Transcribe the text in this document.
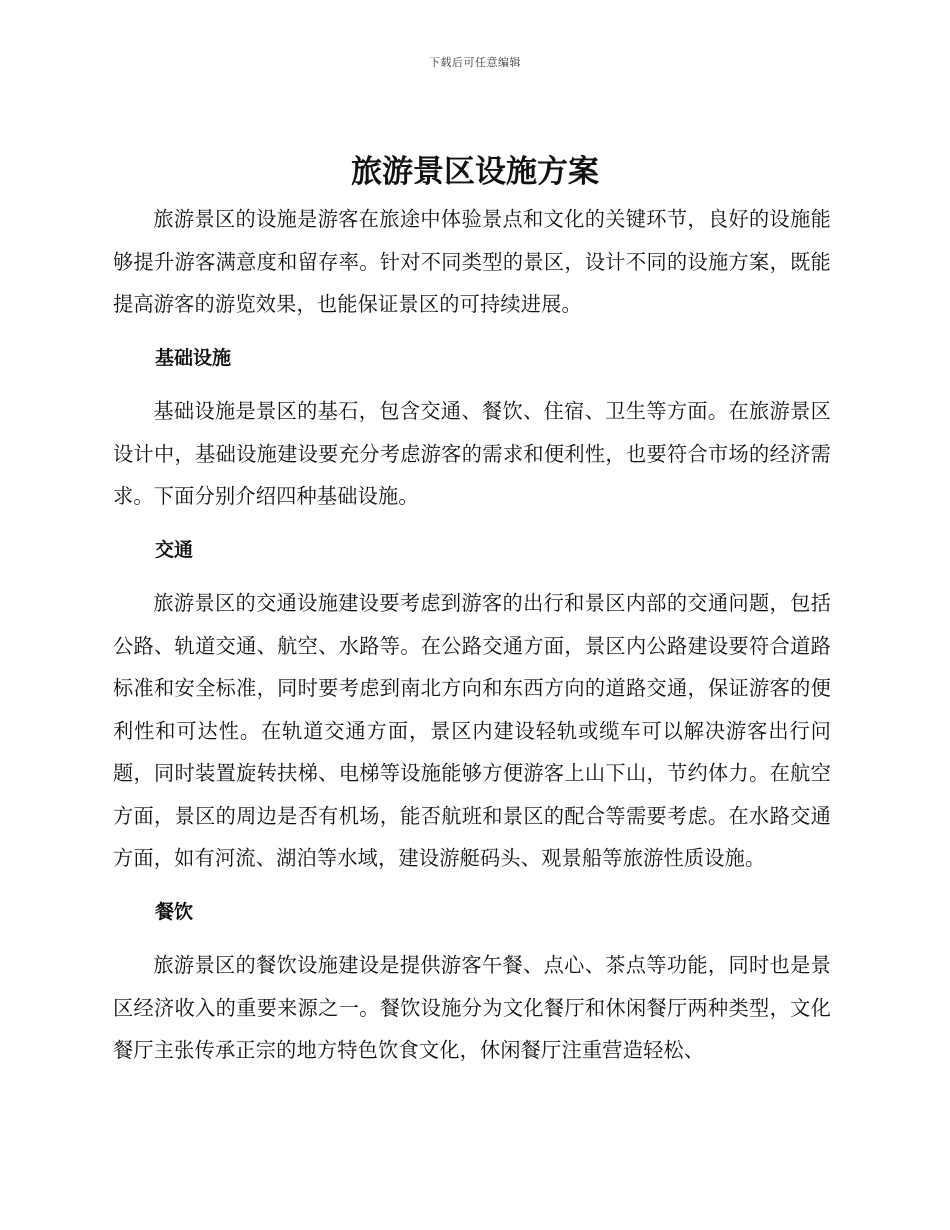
下载后可任意编辑
旅游景区设施方案

旅游景区的设施是游客在旅途中体验景点和文化的关键环节，良好的设施能够提升游客满意度和留存率。针对不同类型的景区，设计不同的设施方案，既能提高游客的游览效果，也能保证景区的可持续进展。

基础设施

基础设施是景区的基石，包含交通、餐饮、住宿、卫生等方面。在旅游景区设计中，基础设施建设要充分考虑游客的需求和便利性，也要符合市场的经济需求。下面分别介绍四种基础设施。

交通

旅游景区的交通设施建设要考虑到游客的出行和景区内部的交通问题，包括公路、轨道交通、航空、水路等。在公路交通方面，景区内公路建设要符合道路标准和安全标准，同时要考虑到南北方向和东西方向的道路交通，保证游客的便利性和可达性。在轨道交通方面，景区内建设轻轨或缆车可以解决游客出行问题，同时装置旋转扶梯、电梯等设施能够方便游客上山下山，节约体力。在航空方面，景区的周边是否有机场，能否航班和景区的配合等需要考虑。在水路交通方面，如有河流、湖泊等水域，建设游艇码头、观景船等旅游性质设施。

餐饮

旅游景区的餐饮设施建设是提供游客午餐、点心、茶点等功能，同时也是景区经济收入的重要来源之一。餐饮设施分为文化餐厅和休闲餐厅两种类型，文化餐厅主张传承正宗的地方特色饮食文化，休闲餐厅注重营造轻松、
